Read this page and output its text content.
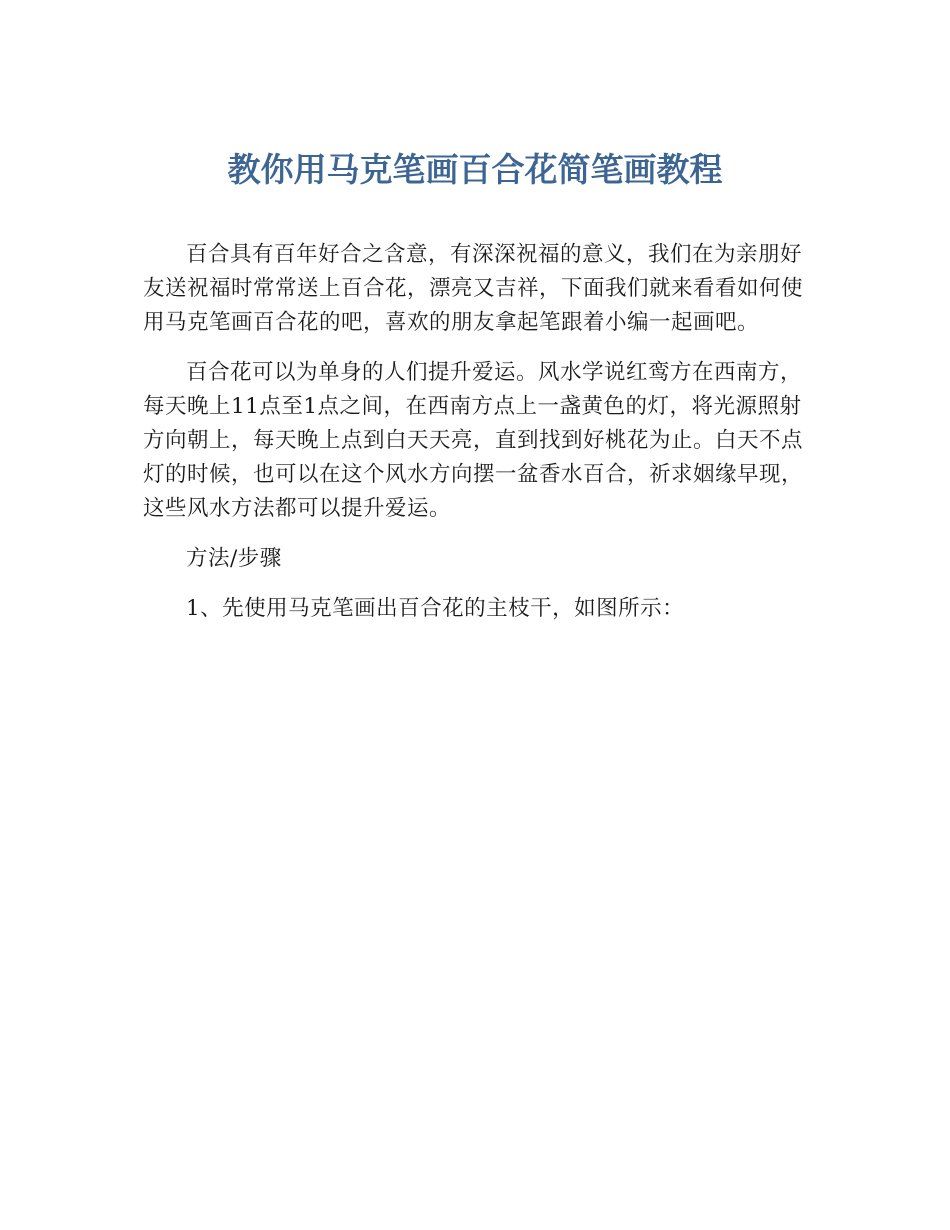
教你用马克笔画百合花简笔画教程

百合具有百年好合之含意，有深深祝福的意义，我们在为亲朋好友送祝福时常常送上百合花，漂亮又吉祥，下面我们就来看看如何使用马克笔画百合花的吧，喜欢的朋友拿起笔跟着小编一起画吧。

百合花可以为单身的人们提升爱运。风水学说红鸾方在西南方，每天晚上11点至1点之间，在西南方点上一盏黄色的灯，将光源照射方向朝上，每天晚上点到白天天亮，直到找到好桃花为止。白天不点灯的时候，也可以在这个风水方向摆一盆香水百合，祈求姻缘早现，这些风水方法都可以提升爱运。

方法/步骤

1、先使用马克笔画出百合花的主枝干，如图所示：
